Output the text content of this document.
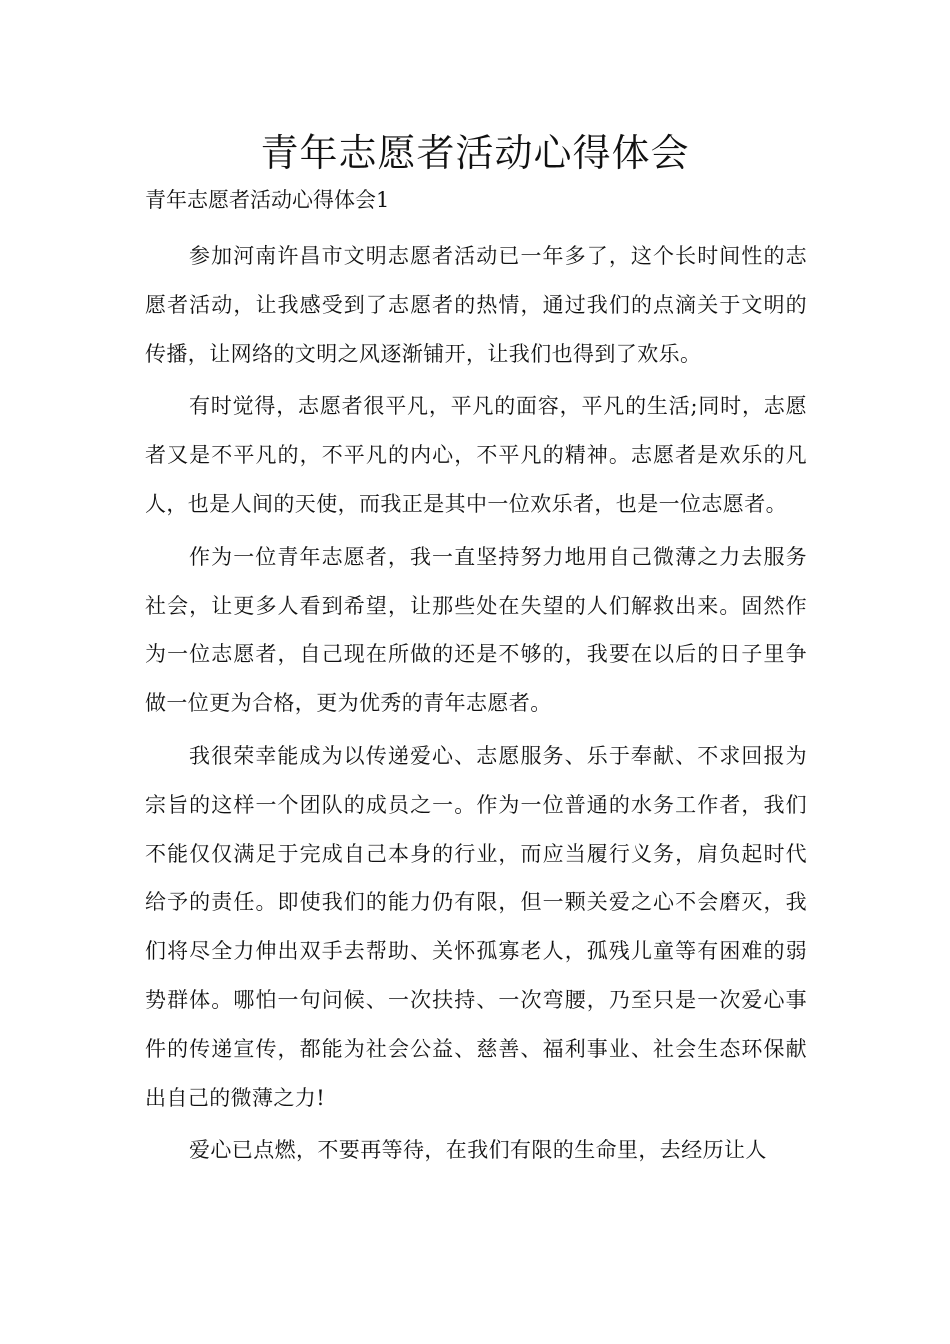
青年志愿者活动心得体会

青年志愿者活动心得体会1

参加河南许昌市文明志愿者活动已一年多了，这个长时间性的志愿者活动，让我感受到了志愿者的热情，通过我们的点滴关于文明的传播，让网络的文明之风逐渐铺开，让我们也得到了欢乐。

有时觉得，志愿者很平凡，平凡的面容，平凡的生活;同时，志愿者又是不平凡的，不平凡的内心，不平凡的精神。志愿者是欢乐的凡人，也是人间的天使，而我正是其中一位欢乐者，也是一位志愿者。

作为一位青年志愿者，我一直坚持努力地用自己微薄之力去服务社会，让更多人看到希望，让那些处在失望的人们解救出来。固然作为一位志愿者，自己现在所做的还是不够的，我要在以后的日子里争做一位更为合格，更为优秀的青年志愿者。

我很荣幸能成为以传递爱心、志愿服务、乐于奉献、不求回报为宗旨的这样一个团队的成员之一。作为一位普通的水务工作者，我们不能仅仅满足于完成自己本身的行业，而应当履行义务，肩负起时代给予的责任。即使我们的能力仍有限，但一颗关爱之心不会磨灭，我们将尽全力伸出双手去帮助、关怀孤寡老人，孤残儿童等有困难的弱势群体。哪怕一句问候、一次扶持、一次弯腰，乃至只是一次爱心事件的传递宣传，都能为社会公益、慈善、福利事业、社会生态环保献出自己的微薄之力!

爱心已点燃，不要再等待，在我们有限的生命里，去经历让人
